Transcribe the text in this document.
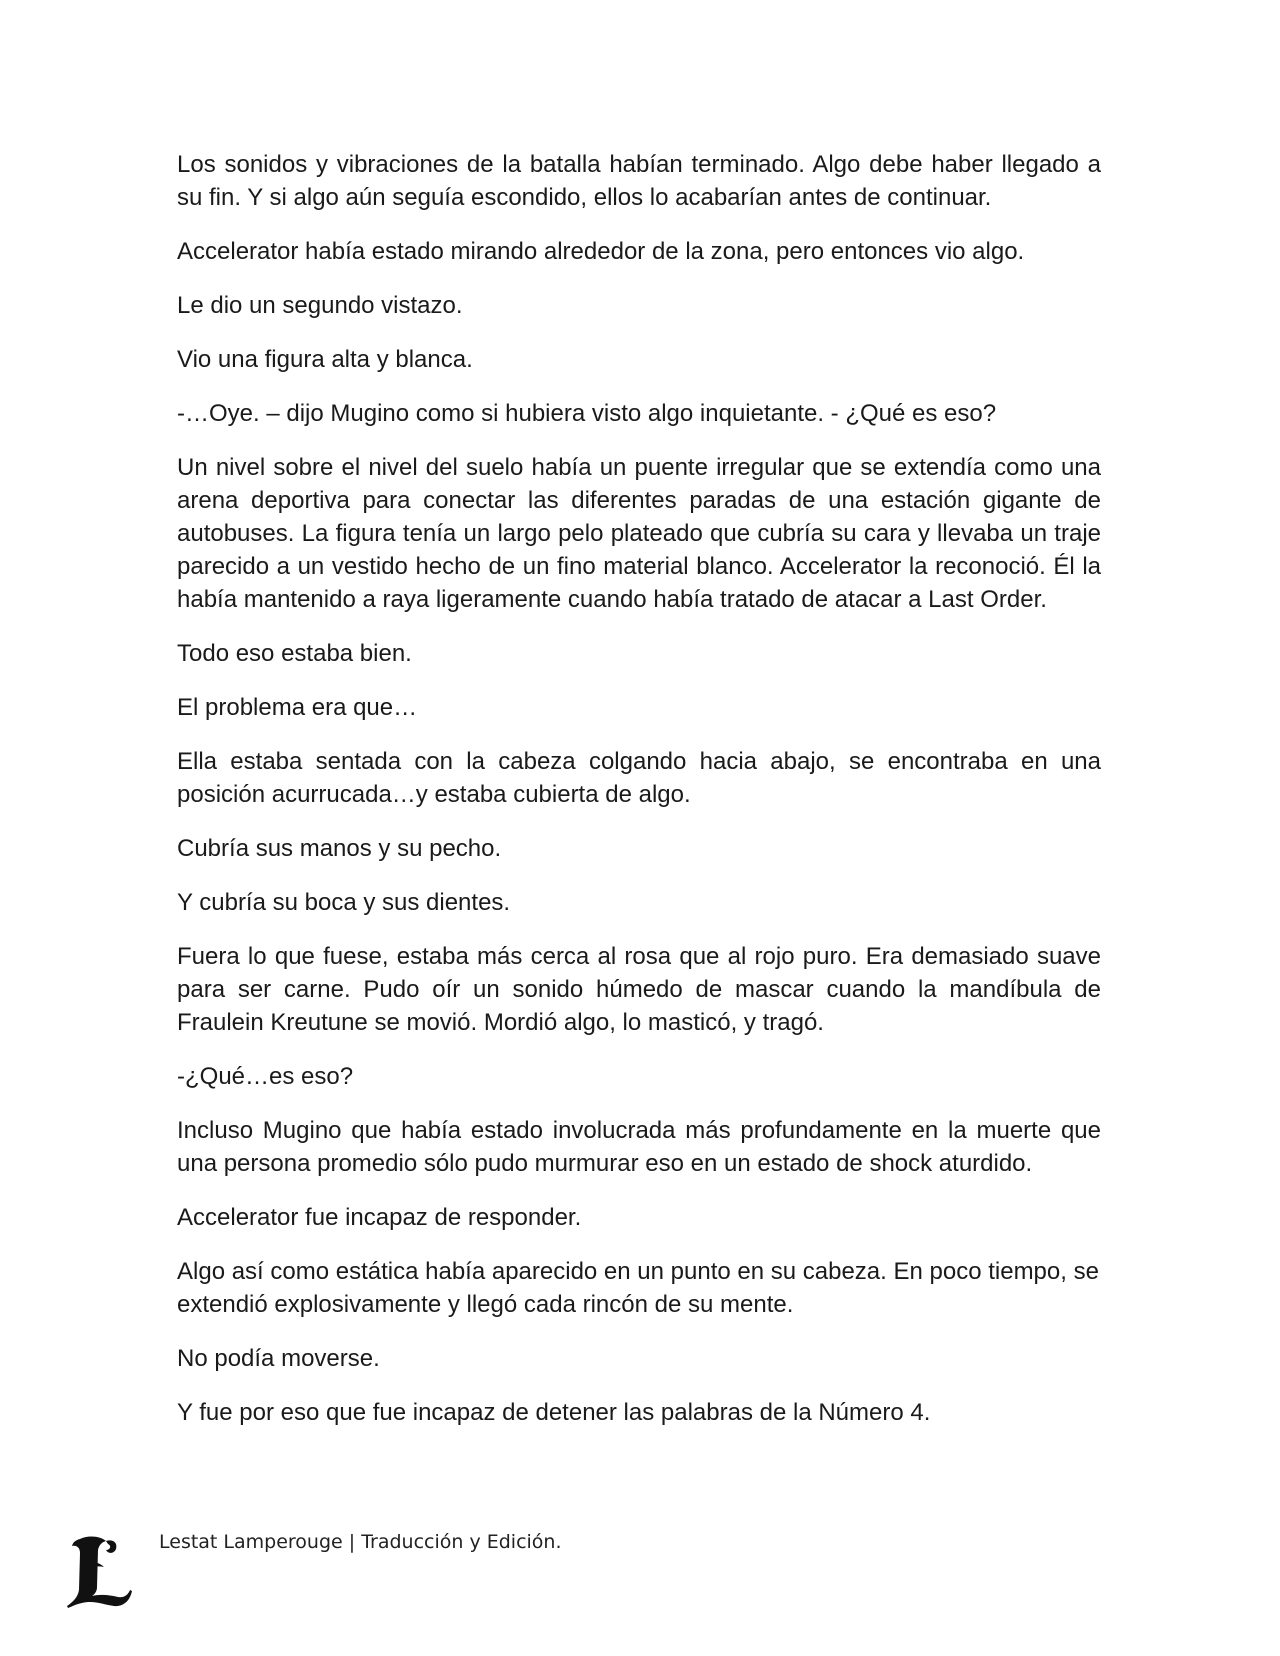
Los sonidos y vibraciones de la batalla habían terminado. Algo debe haber llegado a su fin. Y si algo aún seguía escondido, ellos lo acabarían antes de continuar.

Accelerator había estado mirando alrededor de la zona, pero entonces vio algo.

Le dio un segundo vistazo.

Vio una figura alta y blanca.

-…Oye. – dijo Mugino como si hubiera visto algo inquietante. - ¿Qué es eso?

Un nivel sobre el nivel del suelo había un puente irregular que se extendía como una arena deportiva para conectar las diferentes paradas de una estación gigante de autobuses. La figura tenía un largo pelo plateado que cubría su cara y llevaba un traje parecido a un vestido hecho de un fino material blanco. Accelerator la reconoció. Él la había mantenido a raya ligeramente cuando había tratado de atacar a Last Order.

Todo eso estaba bien.

El problema era que…

Ella estaba sentada con la cabeza colgando hacia abajo, se encontraba en una posición acurrucada…y estaba cubierta de algo.

Cubría sus manos y su pecho.

Y cubría su boca y sus dientes.

Fuera lo que fuese, estaba más cerca al rosa que al rojo puro. Era demasiado suave para ser carne. Pudo oír un sonido húmedo de mascar cuando la mandíbula de Fraulein Kreutune se movió. Mordió algo, lo masticó, y tragó.

-¿Qué…es eso?

Incluso Mugino que había estado involucrada más profundamente en la muerte que una persona promedio sólo pudo murmurar eso en un estado de shock aturdido.

Accelerator fue incapaz de responder.

Algo así como estática había aparecido en un punto en su cabeza. En poco tiempo, se extendió explosivamente y llegó cada rincón de su mente.

No podía moverse.

Y fue por eso que fue incapaz de detener las palabras de la Número 4.

Lestat Lamperouge | Traducción y Edición.
